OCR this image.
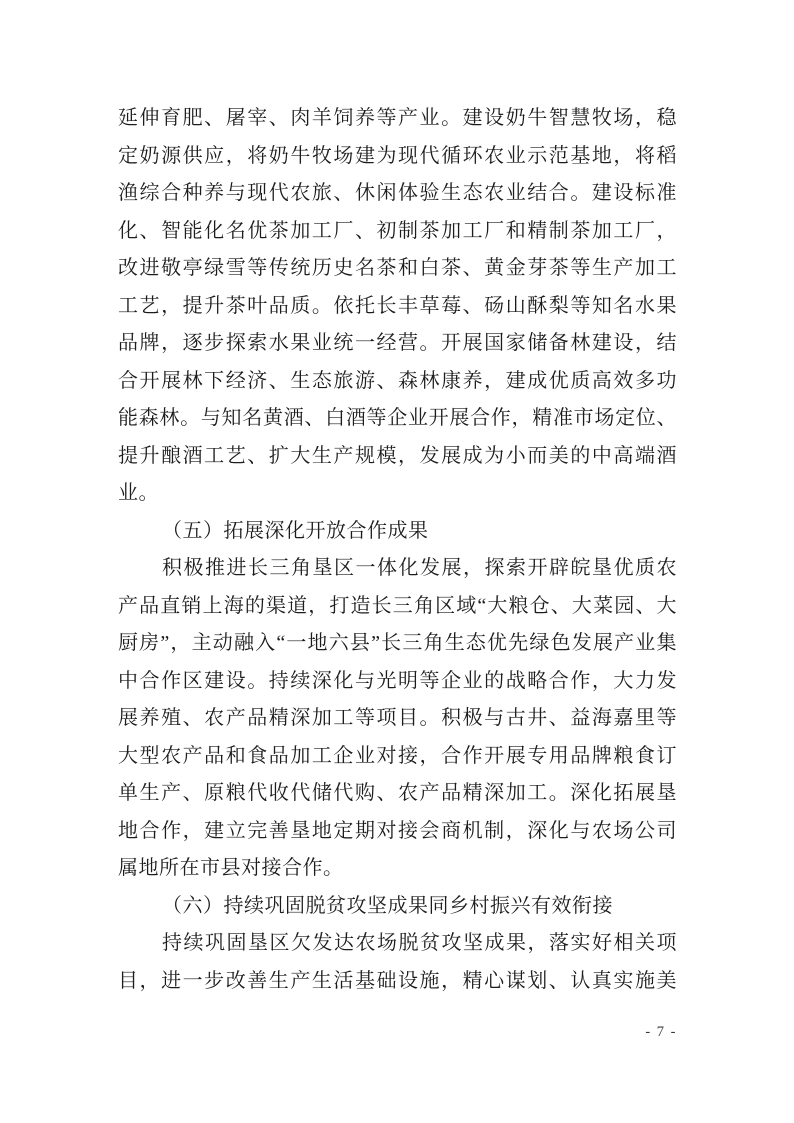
延伸育肥、屠宰、肉羊饲养等产业。建设奶牛智慧牧场，稳
定奶源供应，将奶牛牧场建为现代循环农业示范基地，将稻
渔综合种养与现代农旅、休闲体验生态农业结合。建设标准
化、智能化名优茶加工厂、初制茶加工厂和精制茶加工厂，
改进敬亭绿雪等传统历史名茶和白茶、黄金芽茶等生产加工
工艺，提升茶叶品质。依托长丰草莓、砀山酥梨等知名水果
品牌，逐步探索水果业统一经营。开展国家储备林建设，结
合开展林下经济、生态旅游、森林康养，建成优质高效多功
能森林。与知名黄酒、白酒等企业开展合作，精准市场定位、
提升酿酒工艺、扩大生产规模，发展成为小而美的中高端酒
业。
（五）拓展深化开放合作成果
积极推进长三角垦区一体化发展，探索开辟皖垦优质农
产品直销上海的渠道，打造长三角区域“大粮仓、大菜园、大
厨房”，主动融入“一地六县”长三角生态优先绿色发展产业集
中合作区建设。持续深化与光明等企业的战略合作，大力发
展养殖、农产品精深加工等项目。积极与古井、益海嘉里等
大型农产品和食品加工企业对接，合作开展专用品牌粮食订
单生产、原粮代收代储代购、农产品精深加工。深化拓展垦
地合作，建立完善垦地定期对接会商机制，深化与农场公司
属地所在市县对接合作。
（六）持续巩固脱贫攻坚成果同乡村振兴有效衔接
持续巩固垦区欠发达农场脱贫攻坚成果，落实好相关项
目，进一步改善生产生活基础设施，精心谋划、认真实施美
- 7 -
